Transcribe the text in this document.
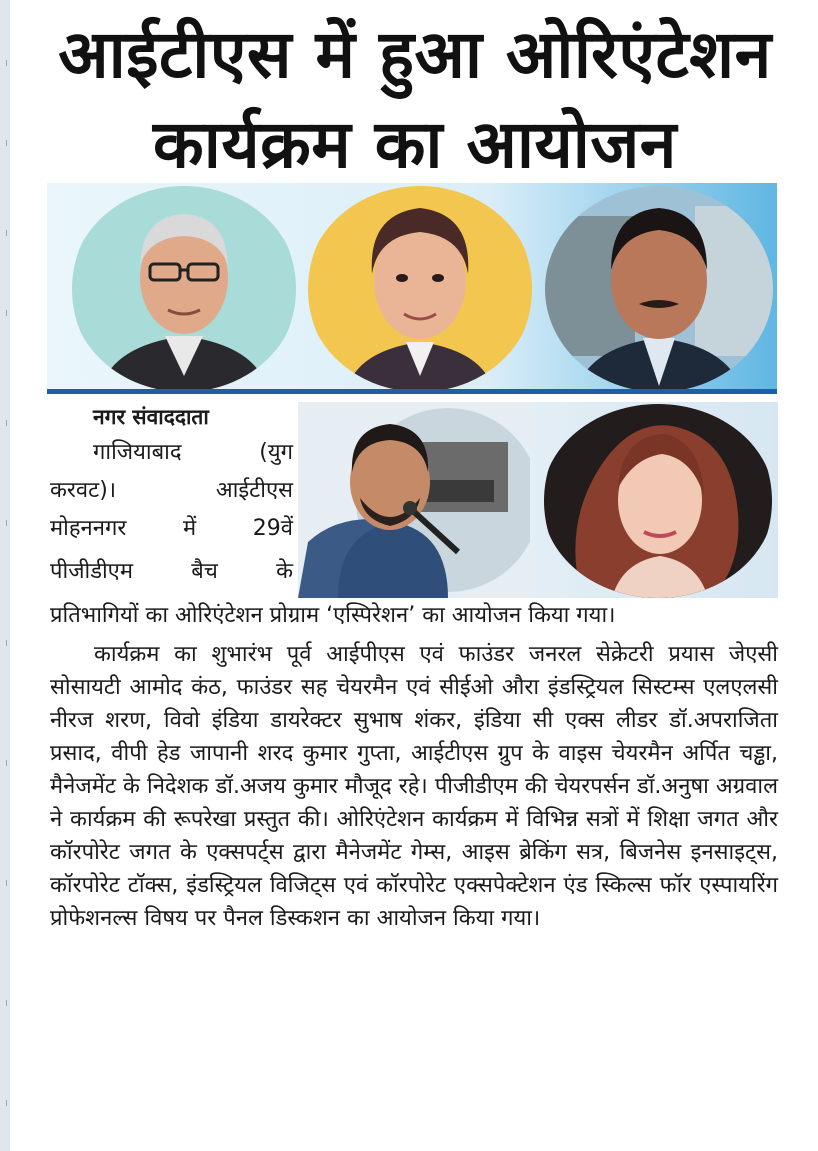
आईटीएस में हुआ ओरिएंटेशन
कार्यक्रम का आयोजन
नगर संवाददाता
गाजियाबाद (युग
करवट)। आईटीएस
मोहननगर में 29वें
पीजीडीएम बैच के

प्रतिभागियों का ओरिएंटेशन प्रोग्राम ‘एस्पिरेशन’ का आयोजन किया गया।

कार्यक्रम का शुभारंभ पूर्व आईपीएस एवं फाउंडर जनरल सेक्रेटरी प्रयास जेएसी सोसायटी आमोद कंठ, फाउंडर सह चेयरमैन एवं सीईओ औरा इंडस्ट्रियल सिस्टम्स एलएलसी नीरज शरण, विवो इंडिया डायरेक्टर सुभाष शंकर, इंडिया सी एक्स लीडर डॉ.अपराजिता प्रसाद, वीपी हेड जापानी शरद कुमार गुप्ता, आईटीएस ग्रुप के वाइस चेयरमैन अर्पित चड्ढा, मैनेजमेंट के निदेशक डॉ.अजय कुमार मौजूद रहे। पीजीडीएम की चेयरपर्सन डॉ.अनुषा अग्रवाल ने कार्यक्रम की रूपरेखा प्रस्तुत की। ओरिएंटेशन कार्यक्रम में विभिन्न सत्रों में शिक्षा जगत और कॉरपोरेट जगत के एक्सपर्ट्स द्वारा मैनेजमेंट गेम्स, आइस ब्रेकिंग सत्र, बिजनेस इनसाइट्स, कॉरपोरेट टॉक्स, इंडस्ट्रियल विजिट्स एवं कॉरपोरेट एक्सपेक्टेशन एंड स्किल्स फॉर एस्पायरिंग प्रोफेशनल्स विषय पर पैनल डिस्कशन का आयोजन किया गया।
